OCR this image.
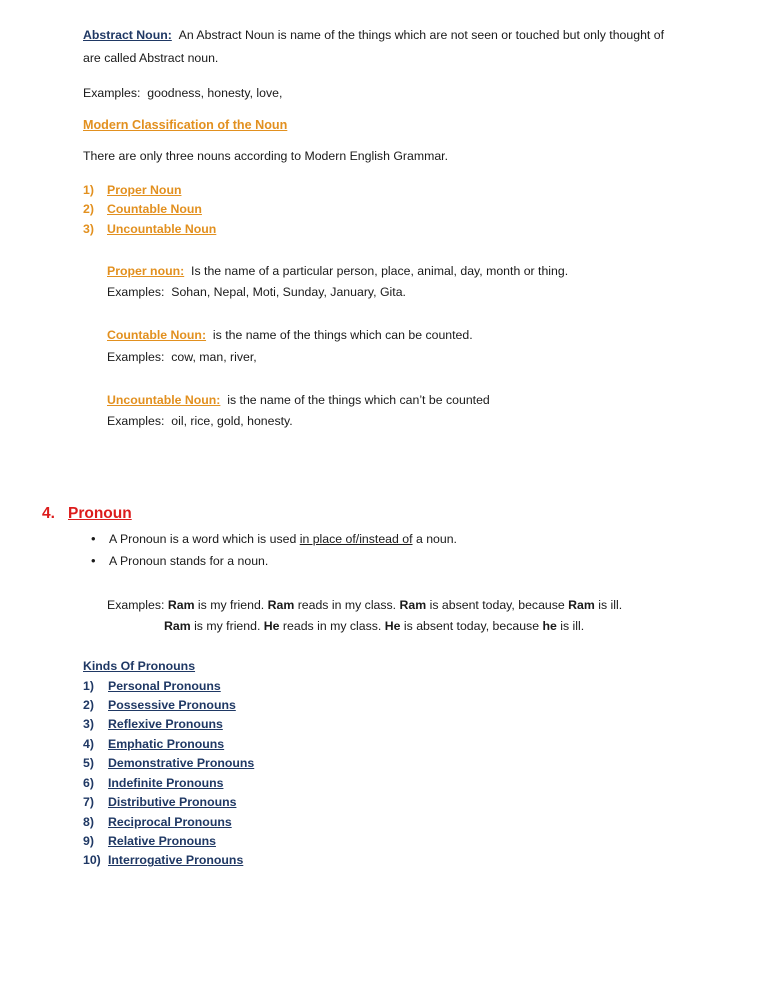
Abstract Noun: An Abstract Noun is name of the things which are not seen or touched but only thought of are called Abstract noun.

Examples: goodness, honesty, love,

Modern Classification of the Noun

There are only three nouns according to Modern English Grammar.

1)	Proper Noun
2)	Countable Noun
3)	Uncountable Noun
Proper noun: Is the name of a particular person, place, animal, day, month or thing.
Examples: Sohan, Nepal, Moti, Sunday, January, Gita.
Countable Noun: is the name of the things which can be counted.
Examples: cow, man, river,
Uncountable Noun: is the name of the things which can’t be counted
Examples: oil, rice, gold, honesty.
4. Pronoun
•	A Pronoun is a word which is used in place of/instead of a noun.
•	A Pronoun stands for a noun.
Examples: Ram is my friend. Ram reads in my class. Ram is absent today, because Ram is ill.
Ram is my friend. He reads in my class. He is absent today, because he is ill.
Kinds Of Pronouns
1)	Personal Pronouns
2)	Possessive Pronouns
3)	Reflexive Pronouns
4)	Emphatic Pronouns
5)	Demonstrative Pronouns
6)	Indefinite Pronouns
7)	Distributive Pronouns
8)	Reciprocal Pronouns
9)	Relative Pronouns
10) Interrogative Pronouns
